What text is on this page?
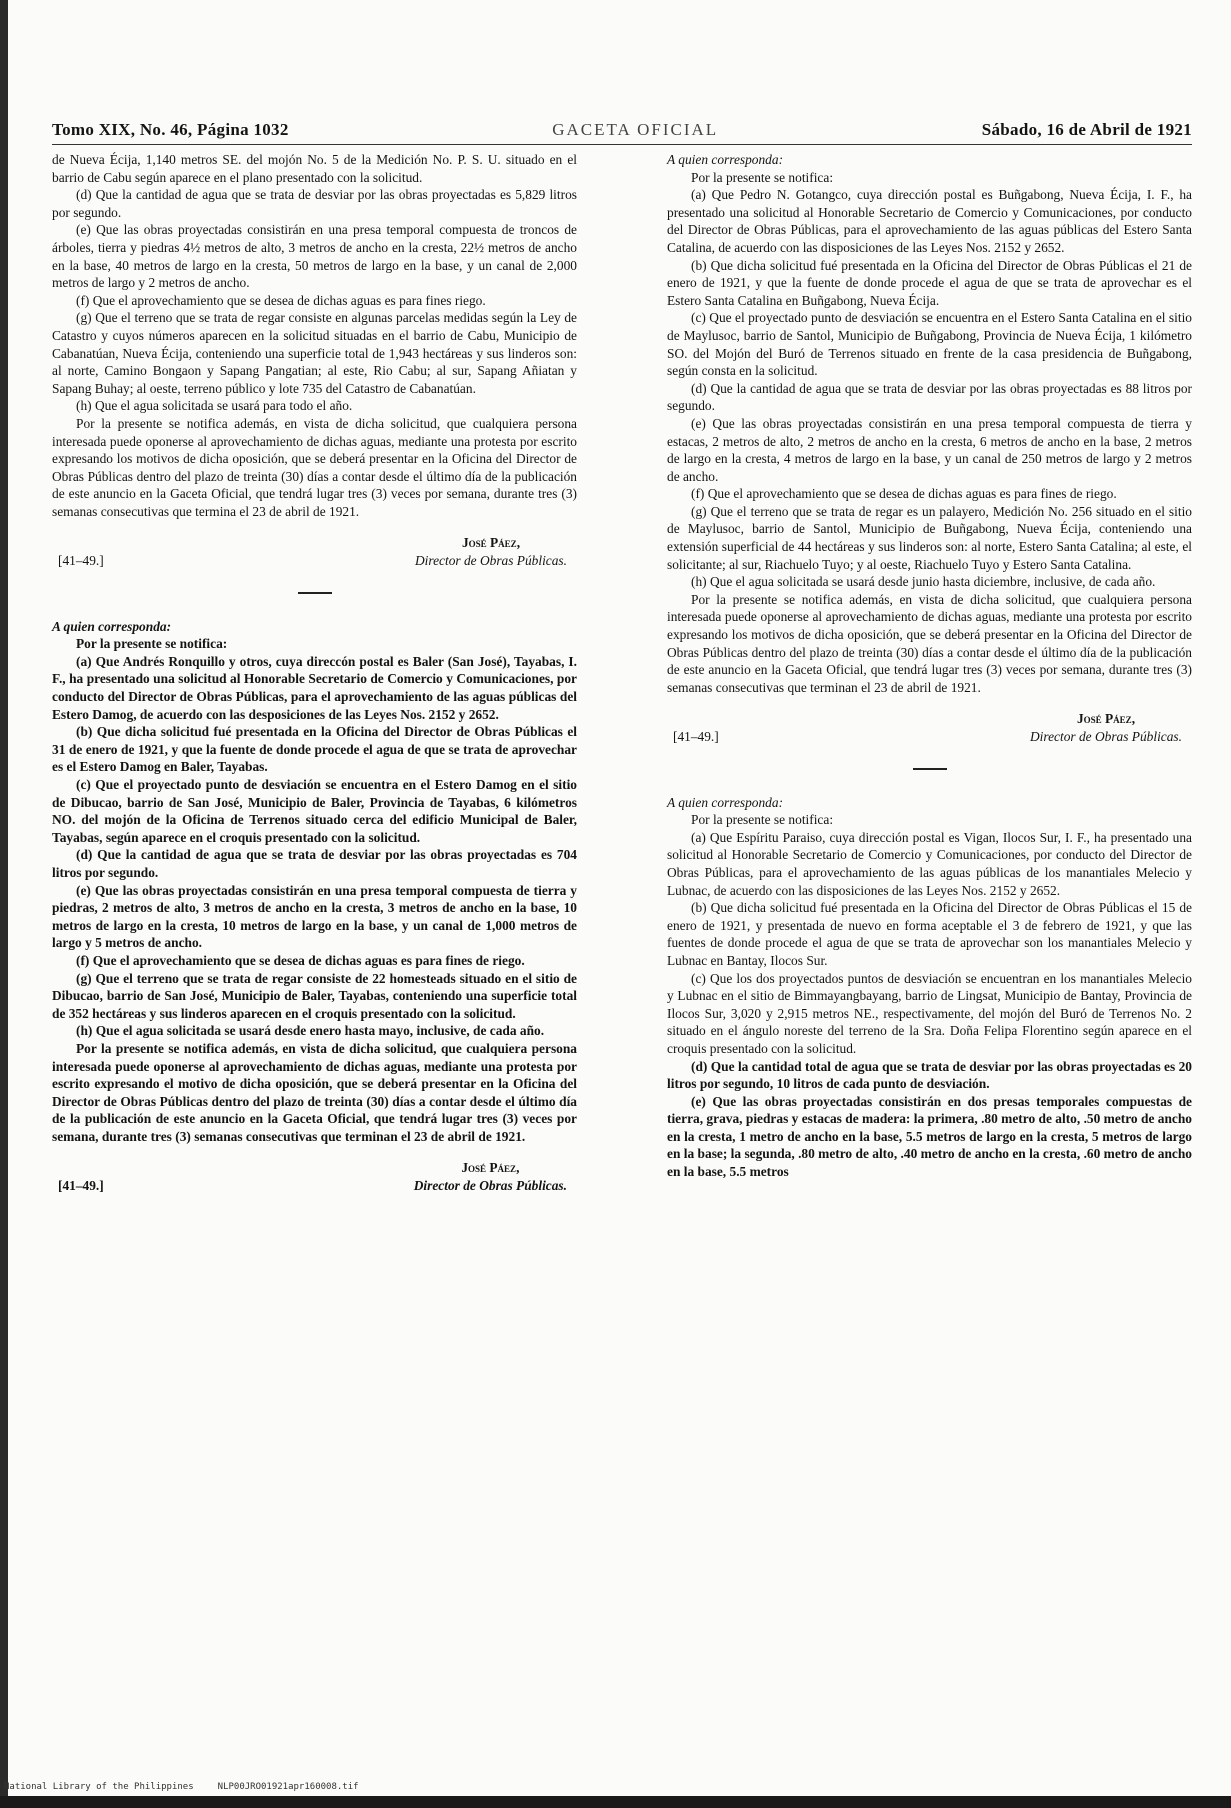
Tomo XIX, No. 46, Página 1032	GACETA OFICIAL	Sábado, 16 de Abril de 1921

de Nueva Écija, 1,140 metros SE. del mojón No. 5 de la Medición No. P. S. U. situado en el barrio de Cabu según aparece en el plano presentado con la solicitud.

(d) Que la cantidad de agua que se trata de desviar por las obras proyectadas es 5,829 litros por segundo.

(e) Que las obras proyectadas consistirán en una presa temporal compuesta de troncos de árboles, tierra y piedras 4½ metros de alto, 3 metros de ancho en la cresta, 22½ metros de ancho en la base, 40 metros de largo en la cresta, 50 metros de largo en la base, y un canal de 2,000 metros de largo y 2 metros de ancho.

(f) Que el aprovechamiento que se desea de dichas aguas es para fines riego.

(g) Que el terreno que se trata de regar consiste en algunas parcelas medidas según la Ley de Catastro y cuyos números aparecen en la solicitud situadas en el barrio de Cabu, Municipio de Cabanatúan, Nueva Écija, conteniendo una superficie total de 1,943 hectáreas y sus linderos son: al norte, Camino Bongaon y Sapang Pangatian; al este, Rio Cabu; al sur, Sapang Añiatan y Sapang Buhay; al oeste, terreno público y lote 735 del Catastro de Cabanatúan.

(h) Que el agua solicitada se usará para todo el año.

Por la presente se notifica además, en vista de dicha solicitud, que cualquiera persona interesada puede oponerse al aprovechamiento de dichas aguas, mediante una protesta por escrito expresando los motivos de dicha oposición, que se deberá presentar en la Oficina del Director de Obras Públicas dentro del plazo de treinta (30) días a contar desde el último día de la publicación de este anuncio en la Gaceta Oficial, que tendrá lugar tres (3) veces por semana, durante tres (3) semanas consecutivas que termina el 23 de abril de 1921.

[41–49.]
José Páez,
Director de Obras Públicas.

A quien corresponda:

Por la presente se notifica:

(a) Que Andrés Ronquillo y otros, cuya direccón postal es Baler (San José), Tayabas, I. F., ha presentado una solicitud al Honorable Secretario de Comercio y Comunicaciones, por conducto del Director de Obras Públicas, para el aprovechamiento de las aguas públicas del Estero Damog, de acuerdo con las desposiciones de las Leyes Nos. 2152 y 2652.

(b) Que dicha solicitud fué presentada en la Oficina del Director de Obras Públicas el 31 de enero de 1921, y que la fuente de donde procede el agua de que se trata de aprovechar es el Estero Damog en Baler, Tayabas.

(c) Que el proyectado punto de desviación se encuentra en el Estero Damog en el sitio de Dibucao, barrio de San José, Municipio de Baler, Provincia de Tayabas, 6 kilómetros NO. del mojón de la Oficina de Terrenos situado cerca del edificio Municipal de Baler, Tayabas, según aparece en el croquis presentado con la solicitud.

(d) Que la cantidad de agua que se trata de desviar por las obras proyectadas es 704 litros por segundo.

(e) Que las obras proyectadas consistirán en una presa temporal compuesta de tierra y piedras, 2 metros de alto, 3 metros de ancho en la cresta, 3 metros de ancho en la base, 10 metros de largo en la cresta, 10 metros de largo en la base, y un canal de 1,000 metros de largo y 5 metros de ancho.

(f) Que el aprovechamiento que se desea de dichas aguas es para fines de riego.

(g) Que el terreno que se trata de regar consiste de 22 homesteads situado en el sitio de Dibucao, barrio de San José, Municipio de Baler, Tayabas, conteniendo una superficie total de 352 hectáreas y sus linderos aparecen en el croquis presentado con la solicitud.

(h) Que el agua solicitada se usará desde enero hasta mayo, inclusive, de cada año.

Por la presente se notifica además, en vista de dicha solicitud, que cualquiera persona interesada puede oponerse al aprovechamiento de dichas aguas, mediante una protesta por escrito expresando el motivo de dicha oposición, que se deberá presentar en la Oficina del Director de Obras Públicas dentro del plazo de treinta (30) días a contar desde el último día de la publicación de este anuncio en la Gaceta Oficial, que tendrá lugar tres (3) veces por semana, durante tres (3) semanas consecutivas que terminan el 23 de abril de 1921.

[41–49.]
José Páez,
Director de Obras Públicas.

A quien corresponda:

Por la presente se notifica:

(a) Que Pedro N. Gotangco, cuya dirección postal es Buñgabong, Nueva Écija, I. F., ha presentado una solicitud al Honorable Secretario de Comercio y Comunicaciones, por conducto del Director de Obras Públicas, para el aprovechamiento de las aguas públicas del Estero Santa Catalina, de acuerdo con las disposiciones de las Leyes Nos. 2152 y 2652.

(b) Que dicha solicitud fué presentada en la Oficina del Director de Obras Públicas el 21 de enero de 1921, y que la fuente de donde procede el agua de que se trata de aprovechar es el Estero Santa Catalina en Buñgabong, Nueva Écija.

(c) Que el proyectado punto de desviación se encuentra en el Estero Santa Catalina en el sitio de Maylusoc, barrio de Santol, Municipio de Buñgabong, Provincia de Nueva Écija, 1 kilómetro SO. del Mojón del Buró de Terrenos situado en frente de la casa presidencia de Buñgabong, según consta en la solicitud.

(d) Que la cantidad de agua que se trata de desviar por las obras proyectadas es 88 litros por segundo.

(e) Que las obras proyectadas consistirán en una presa temporal compuesta de tierra y estacas, 2 metros de alto, 2 metros de ancho en la cresta, 6 metros de ancho en la base, 2 metros de largo en la cresta, 4 metros de largo en la base, y un canal de 250 metros de largo y 2 metros de ancho.

(f) Que el aprovechamiento que se desea de dichas aguas es para fines de riego.

(g) Que el terreno que se trata de regar es un palayero, Medición No. 256 situado en el sitio de Maylusoc, barrio de Santol, Municipio de Buñgabong, Nueva Écija, conteniendo una extensión superficial de 44 hectáreas y sus linderos son: al norte, Estero Santa Catalina; al este, el solicitante; al sur, Riachuelo Tuyo; y al oeste, Riachuelo Tuyo y Estero Santa Catalina.

(h) Que el agua solicitada se usará desde junio hasta diciembre, inclusive, de cada año.

Por la presente se notifica además, en vista de dicha solicitud, que cualquiera persona interesada puede oponerse al aprovechamiento de dichas aguas, mediante una protesta por escrito expresando los motivos de dicha oposición, que se deberá presentar en la Oficina del Director de Obras Públicas dentro del plazo de treinta (30) días a contar desde el último día de la publicación de este anuncio en la Gaceta Oficial, que tendrá lugar tres (3) veces por semana, durante tres (3) semanas consecutivas que terminan el 23 de abril de 1921.

[41–49.]
José Páez,
Director de Obras Públicas.

A quien corresponda:

Por la presente se notifica:

(a) Que Espíritu Paraiso, cuya dirección postal es Vigan, Ilocos Sur, I. F., ha presentado una solicitud al Honorable Secretario de Comercio y Comunicaciones, por conducto del Director de Obras Públicas, para el aprovechamiento de las aguas públicas de los manantiales Melecio y Lubnac, de acuerdo con las disposiciones de las Leyes Nos. 2152 y 2652.

(b) Que dicha solicitud fué presentada en la Oficina del Director de Obras Públicas el 15 de enero de 1921, y presentada de nuevo en forma aceptable el 3 de febrero de 1921, y que las fuentes de donde procede el agua de que se trata de aprovechar son los manantiales Melecio y Lubnac en Bantay, Ilocos Sur.

(c) Que los dos proyectados puntos de desviación se encuentran en los manantiales Melecio y Lubnac en el sitio de Bimmayangbayang, barrio de Lingsat, Municipio de Bantay, Provincia de Ilocos Sur, 3,020 y 2,915 metros NE., respectivamente, del mojón del Buró de Terrenos No. 2 situado en el ángulo noreste del terreno de la Sra. Doña Felipa Florentino según aparece en el croquis presentado con la solicitud.

(d) Que la cantidad total de agua que se trata de desviar por las obras proyectadas es 20 litros por segundo, 10 litros de cada punto de desviación.

(e) Que las obras proyectadas consistirán en dos presas temporales compuestas de tierra, grava, piedras y estacas de madera: la primera, .80 metro de alto, .50 metro de ancho en la cresta, 1 metro de ancho en la base, 5.5 metros de largo en la cresta, 5 metros de largo en la base; la segunda, .80 metro de alto, .40 metro de ancho en la cresta, .60 metro de ancho en la base, 5.5 metros

National Library of the Philippines	NLP00JRO01921apr160008.tif
